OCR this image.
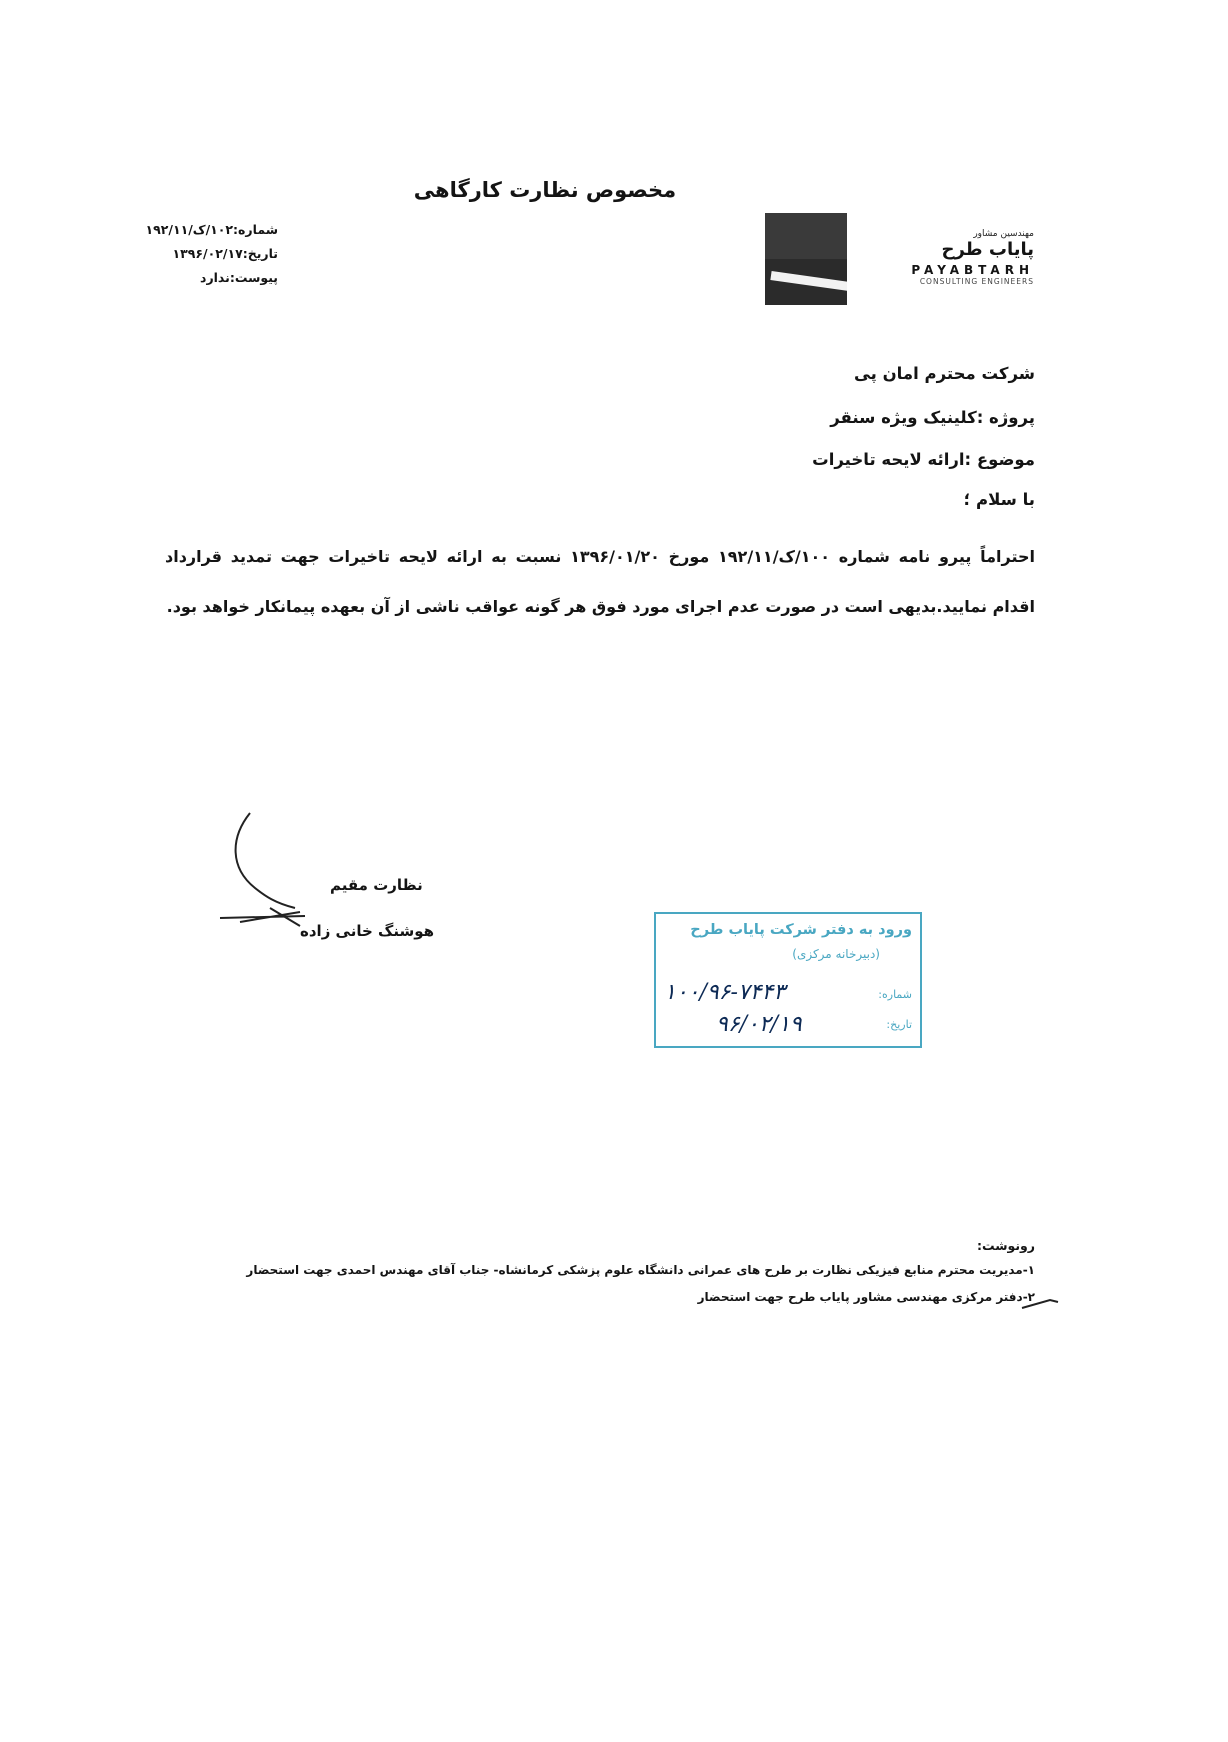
مخصوص نظارت کارگاهی
شماره:۱۰۲/ک/۱۹۲/۱۱
تاریخ:۱۳۹۶/۰۲/۱۷
پیوست:ندارد
مهندسین مشاور
پایاب طرح
PAYABTARH
CONSULTING ENGINEERS
شرکت محترم امان پی
پروژه :کلینیک ویژه سنقر
موضوع :ارائه لایحه تاخیرات
با سلام ؛
احتراماً پیرو نامه شماره ۱۰۰/ک/۱۹۲/۱۱ مورخ ۱۳۹۶/۰۱/۲۰ نسبت به ارائه لایحه تاخیرات جهت تمدید قرارداد اقدام نمایید.بدیهی است در صورت عدم اجرای مورد فوق هر گونه عواقب ناشی از آن بعهده پیمانکار خواهد بود.
نظارت مقیم
هوشنگ خانی زاده	ورود به دفتر شرکت پایاب طرح
(دبیرخانه مرکزی)
شماره:
تاریخ:
۱۰۰/۹۶-۷۴۴۳
۹۶/۰۲/۱۹
رونوشت:
۱-مدیریت محترم منابع فیزیکی نظارت بر طرح های عمرانی دانشگاه علوم پزشکی کرمانشاه- جناب آقای مهندس احمدی جهت استحضار
۲-دفتر مرکزی مهندسی مشاور پایاب طرح جهت استحضار
